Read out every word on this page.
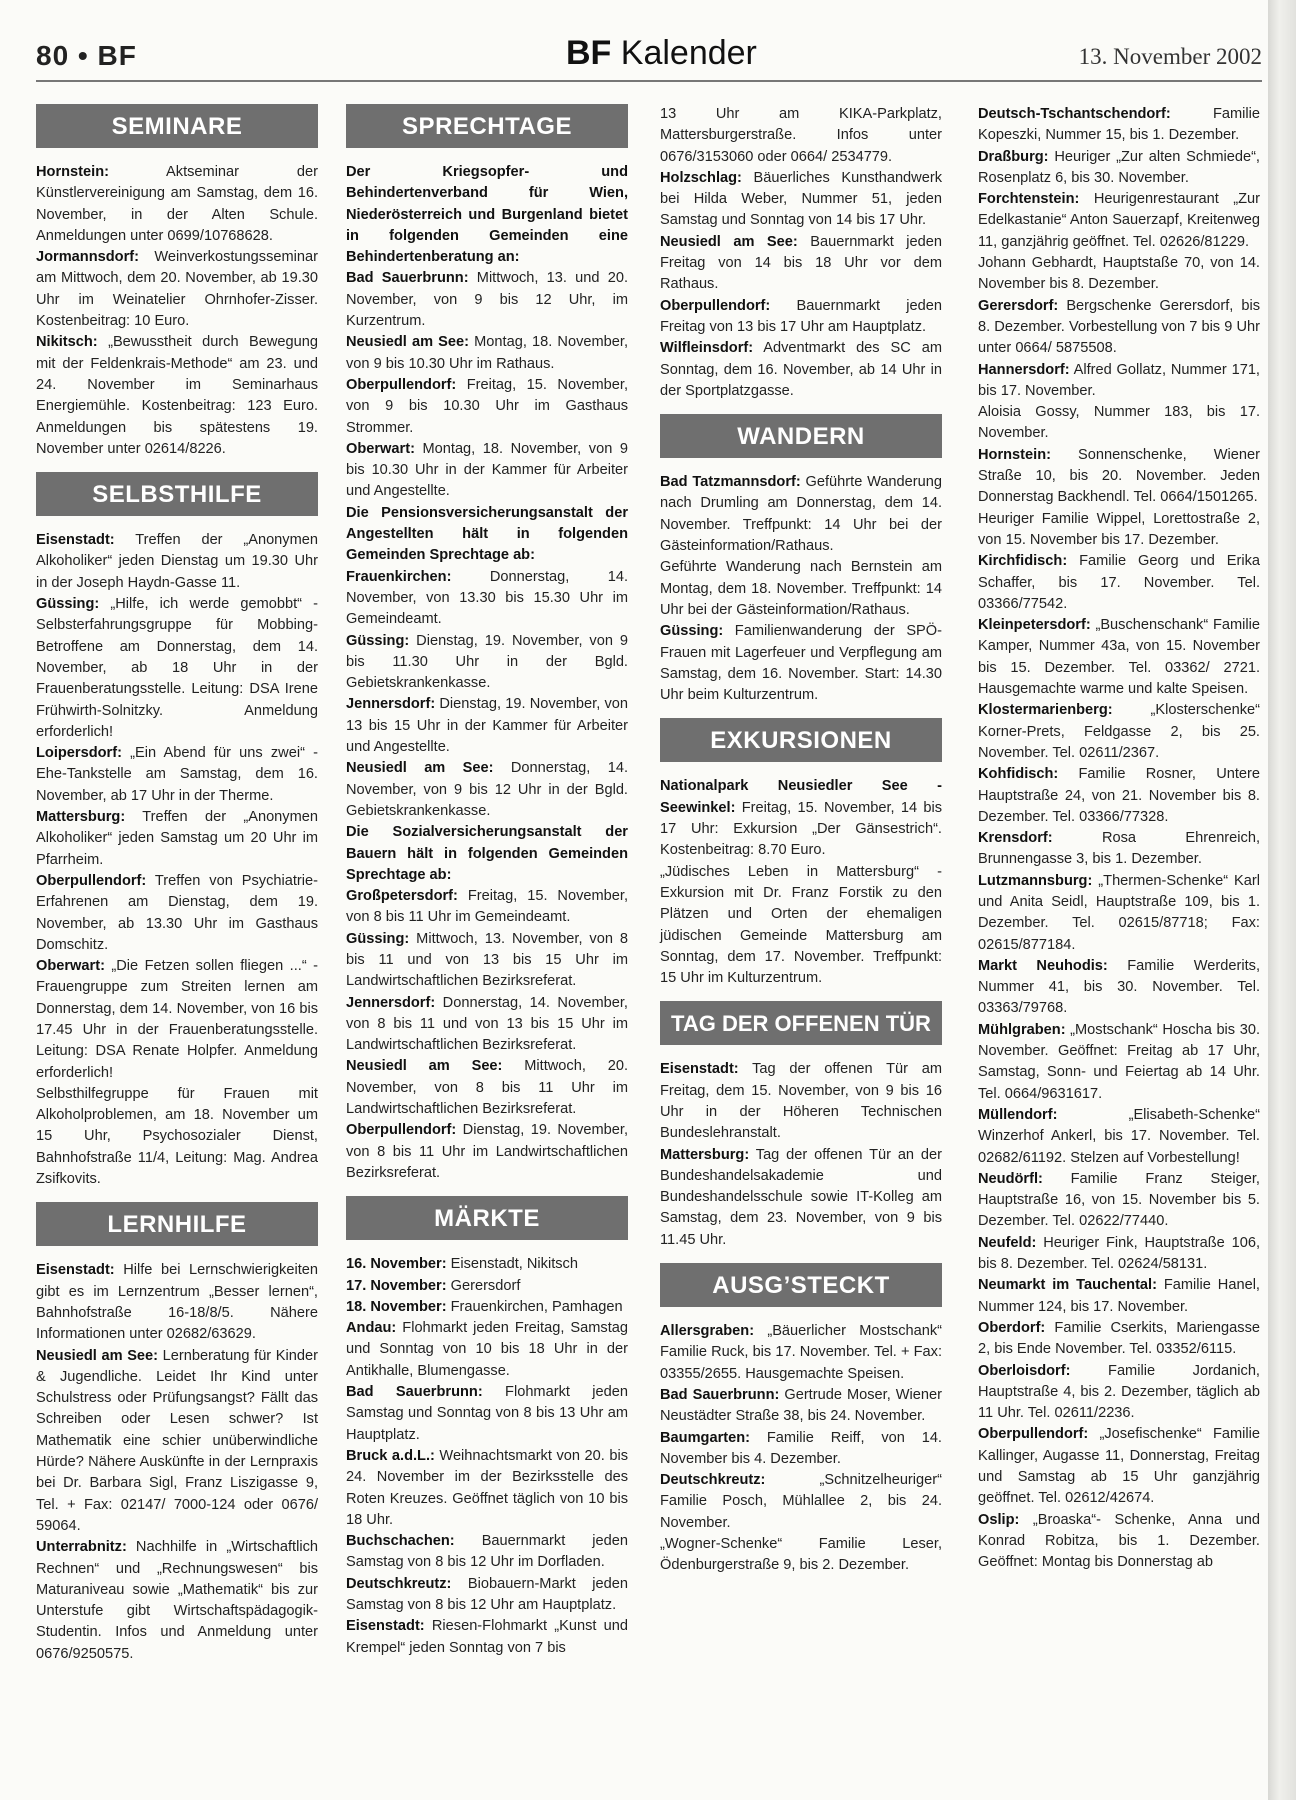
80 • BF	BF Kalender	13. November 2002
SEMINARE

Hornstein: Aktseminar der Künstlervereinigung am Samstag, dem 16. November, in der Alten Schule. Anmeldungen unter 0699/10768628.

Jormannsdorf: Weinverkostungsseminar am Mittwoch, dem 20. November, ab 19.30 Uhr im Weinatelier Ohrnhofer-Zisser. Kostenbeitrag: 10 Euro.

Nikitsch: „Bewusstheit durch Bewegung mit der Feldenkrais-Methode“ am 23. und 24. November im Seminarhaus Energiemühle. Kostenbeitrag: 123 Euro. Anmeldungen bis spätestens 19. November unter 02614/8226.

SELBSTHILFE

Eisenstadt: Treffen der „Anonymen Alkoholiker“ jeden Dienstag um 19.30 Uhr in der Joseph Haydn-Gasse 11.

Güssing: „Hilfe, ich werde gemobbt“ - Selbsterfahrungsgruppe für Mobbing-Betroffene am Donnerstag, dem 14. November, ab 18 Uhr in der Frauenberatungsstelle. Leitung: DSA Irene Frühwirth-Solnitzky. Anmeldung erforderlich!

Loipersdorf: „Ein Abend für uns zwei“ - Ehe-Tankstelle am Samstag, dem 16. November, ab 17 Uhr in der Therme.

Mattersburg: Treffen der „Anonymen Alkoholiker“ jeden Samstag um 20 Uhr im Pfarrheim.

Oberpullendorf: Treffen von Psychiatrie-Erfahrenen am Dienstag, dem 19. November, ab 13.30 Uhr im Gasthaus Domschitz.

Oberwart: „Die Fetzen sollen fliegen ...“ - Frauengruppe zum Streiten lernen am Donnerstag, dem 14. November, von 16 bis 17.45 Uhr in der Frauenberatungsstelle. Leitung: DSA Renate Holpfer. Anmeldung erforderlich!

Selbsthilfegruppe für Frauen mit Alkoholproblemen, am 18. November um 15 Uhr, Psychosozialer Dienst, Bahnhofstraße 11/4, Leitung: Mag. Andrea Zsifkovits.

LERNHILFE

Eisenstadt: Hilfe bei Lernschwierigkeiten gibt es im Lernzentrum „Besser lernen“, Bahnhofstraße 16-18/8/5. Nähere Informationen unter 02682/63629.

Neusiedl am See: Lernberatung für Kinder & Jugendliche. Leidet Ihr Kind unter Schulstress oder Prüfungsangst? Fällt das Schreiben oder Lesen schwer? Ist Mathematik eine schier unüberwindliche Hürde? Nähere Auskünfte in der Lernpraxis bei Dr. Barbara Sigl, Franz Liszigasse 9, Tel. + Fax: 02147/ 7000-124 oder 0676/ 59064.

Unterrabnitz: Nachhilfe in „Wirtschaftlich Rechnen“ und „Rechnungswesen“ bis Maturaniveau sowie „Mathematik“ bis zur Unterstufe gibt Wirtschaftspädagogik-Studentin. Infos und Anmeldung unter 0676/9250575.

SPRECHTAGE

Der Kriegsopfer- und Behindertenverband für Wien, Niederösterreich und Burgenland bietet in folgenden Gemeinden eine Behindertenberatung an:

Bad Sauerbrunn: Mittwoch, 13. und 20. November, von 9 bis 12 Uhr, im Kurzentrum.

Neusiedl am See: Montag, 18. November, von 9 bis 10.30 Uhr im Rathaus.

Oberpullendorf: Freitag, 15. November, von 9 bis 10.30 Uhr im Gasthaus Strommer.

Oberwart: Montag, 18. November, von 9 bis 10.30 Uhr in der Kammer für Arbeiter und Angestellte.

Die Pensionsversicherungsanstalt der Angestellten hält in folgenden Gemeinden Sprechtage ab:

Frauenkirchen: Donnerstag, 14. November, von 13.30 bis 15.30 Uhr im Gemeindeamt.

Güssing: Dienstag, 19. November, von 9 bis 11.30 Uhr in der Bgld. Gebietskrankenkasse.

Jennersdorf: Dienstag, 19. November, von 13 bis 15 Uhr in der Kammer für Arbeiter und Angestellte.

Neusiedl am See: Donnerstag, 14. November, von 9 bis 12 Uhr in der Bgld. Gebietskrankenkasse.

Die Sozialversicherungsanstalt der Bauern hält in folgenden Gemeinden Sprechtage ab:

Großpetersdorf: Freitag, 15. November, von 8 bis 11 Uhr im Gemeindeamt.

Güssing: Mittwoch, 13. November, von 8 bis 11 und von 13 bis 15 Uhr im Landwirtschaftlichen Bezirksreferat.

Jennersdorf: Donnerstag, 14. November, von 8 bis 11 und von 13 bis 15 Uhr im Landwirtschaftlichen Bezirksreferat.

Neusiedl am See: Mittwoch, 20. November, von 8 bis 11 Uhr im Landwirtschaftlichen Bezirksreferat.

Oberpullendorf: Dienstag, 19. November, von 8 bis 11 Uhr im Landwirtschaftlichen Bezirksreferat.

MÄRKTE

16. November: Eisenstadt, Nikitsch

17. November: Gerersdorf

18. November: Frauenkirchen, Pamhagen

Andau: Flohmarkt jeden Freitag, Samstag und Sonntag von 10 bis 18 Uhr in der Antikhalle, Blumengasse.

Bad Sauerbrunn: Flohmarkt jeden Samstag und Sonntag von 8 bis 13 Uhr am Hauptplatz.

Bruck a.d.L.: Weihnachtsmarkt von 20. bis 24. November im der Bezirksstelle des Roten Kreuzes. Geöffnet täglich von 10 bis 18 Uhr.

Buchschachen: Bauernmarkt jeden Samstag von 8 bis 12 Uhr im Dorfladen.

Deutschkreutz: Biobauern-Markt jeden Samstag von 8 bis 12 Uhr am Hauptplatz.

Eisenstadt: Riesen-Flohmarkt „Kunst und Krempel“ jeden Sonntag von 7 bis

13 Uhr am KIKA-Parkplatz, Mattersburgerstraße. Infos unter 0676/3153060 oder 0664/ 2534779.

Holzschlag: Bäuerliches Kunsthandwerk bei Hilda Weber, Nummer 51, jeden Samstag und Sonntag von 14 bis 17 Uhr.

Neusiedl am See: Bauernmarkt jeden Freitag von 14 bis 18 Uhr vor dem Rathaus.

Oberpullendorf: Bauernmarkt jeden Freitag von 13 bis 17 Uhr am Hauptplatz.

Wilfleinsdorf: Adventmarkt des SC am Sonntag, dem 16. November, ab 14 Uhr in der Sportplatzgasse.

WANDERN

Bad Tatzmannsdorf: Geführte Wanderung nach Drumling am Donnerstag, dem 14. November. Treffpunkt: 14 Uhr bei der Gästeinformation/Rathaus.

Geführte Wanderung nach Bernstein am Montag, dem 18. November. Treffpunkt: 14 Uhr bei der Gästeinformation/Rathaus.

Güssing: Familienwanderung der SPÖ-Frauen mit Lagerfeuer und Verpflegung am Samstag, dem 16. November. Start: 14.30 Uhr beim Kulturzentrum.

EXKURSIONEN

Nationalpark Neusiedler See - Seewinkel: Freitag, 15. November, 14 bis 17 Uhr: Exkursion „Der Gänsestrich“. Kostenbeitrag: 8.70 Euro.

„Jüdisches Leben in Mattersburg“ - Exkursion mit Dr. Franz Forstik zu den Plätzen und Orten der ehemaligen jüdischen Gemeinde Mattersburg am Sonntag, dem 17. November. Treffpunkt: 15 Uhr im Kulturzentrum.

TAG DER OFFENEN TÜR

Eisenstadt: Tag der offenen Tür am Freitag, dem 15. November, von 9 bis 16 Uhr in der Höheren Technischen Bundeslehranstalt.

Mattersburg: Tag der offenen Tür an der Bundeshandelsakademie und Bundeshandelsschule sowie IT-Kolleg am Samstag, dem 23. November, von 9 bis 11.45 Uhr.

AUSG’STECKT

Allersgraben: „Bäuerlicher Mostschank“ Familie Ruck, bis 17. November. Tel. + Fax: 03355/2655. Hausgemachte Speisen.

Bad Sauerbrunn: Gertrude Moser, Wiener Neustädter Straße 38, bis 24. November.

Baumgarten: Familie Reiff, von 14. November bis 4. Dezember.

Deutschkreutz: „Schnitzelheuriger“ Familie Posch, Mühlallee 2, bis 24. November.

„Wogner-Schenke“ Familie Leser, Ödenburgerstraße 9, bis 2. Dezember.

Deutsch-Tschantschendorf: Familie Kopeszki, Nummer 15, bis 1. Dezember.

Draßburg: Heuriger „Zur alten Schmiede“, Rosenplatz 6, bis 30. November.

Forchtenstein: Heurigenrestaurant „Zur Edelkastanie“ Anton Sauerzapf, Kreitenweg 11, ganzjährig geöffnet. Tel. 02626/81229.

Johann Gebhardt, Hauptstaße 70, von 14. November bis 8. Dezember.

Gerersdorf: Bergschenke Gerersdorf, bis 8. Dezember. Vorbestellung von 7 bis 9 Uhr unter 0664/ 5875508.

Hannersdorf: Alfred Gollatz, Nummer 171, bis 17. November.

Aloisia Gossy, Nummer 183, bis 17. November.

Hornstein: Sonnenschenke, Wiener Straße 10, bis 20. November. Jeden Donnerstag Backhendl. Tel. 0664/1501265.

Heuriger Familie Wippel, Lorettostraße 2, von 15. November bis 17. Dezember.

Kirchfidisch: Familie Georg und Erika Schaffer, bis 17. November. Tel. 03366/77542.

Kleinpetersdorf: „Buschenschank“ Familie Kamper, Nummer 43a, von 15. November bis 15. Dezember. Tel. 03362/ 2721. Hausgemachte warme und kalte Speisen.

Klostermarienberg: „Klosterschenke“ Korner-Prets, Feldgasse 2, bis 25. November. Tel. 02611/2367.

Kohfidisch: Familie Rosner, Untere Hauptstraße 24, von 21. November bis 8. Dezember. Tel. 03366/77328.

Krensdorf: Rosa Ehrenreich, Brunnengasse 3, bis 1. Dezember.

Lutzmannsburg: „Thermen-Schenke“ Karl und Anita Seidl, Hauptstraße 109, bis 1. Dezember. Tel. 02615/87718; Fax: 02615/877184.

Markt Neuhodis: Familie Werderits, Nummer 41, bis 30. November. Tel. 03363/79768.

Mühlgraben: „Mostschank“ Hoscha bis 30. November. Geöffnet: Freitag ab 17 Uhr, Samstag, Sonn- und Feiertag ab 14 Uhr. Tel. 0664/9631617.

Müllendorf: „Elisabeth-Schenke“ Winzerhof Ankerl, bis 17. November. Tel. 02682/61192. Stelzen auf Vorbestellung!

Neudörfl: Familie Franz Steiger, Hauptstraße 16, von 15. November bis 5. Dezember. Tel. 02622/77440.

Neufeld: Heuriger Fink, Hauptstraße 106, bis 8. Dezember. Tel. 02624/58131.

Neumarkt im Tauchental: Familie Hanel, Nummer 124, bis 17. November.

Oberdorf: Familie Cserkits, Mariengasse 2, bis Ende November. Tel. 03352/6115.

Oberloisdorf: Familie Jordanich, Hauptstraße 4, bis 2. Dezember, täglich ab 11 Uhr. Tel. 02611/2236.

Oberpullendorf: „Josefischenke“ Familie Kallinger, Augasse 11, Donnerstag, Freitag und Samstag ab 15 Uhr ganzjährig geöffnet. Tel. 02612/42674.

Oslip: „Broaska“- Schenke, Anna und Konrad Robitza, bis 1. Dezember. Geöffnet: Montag bis Donnerstag ab
